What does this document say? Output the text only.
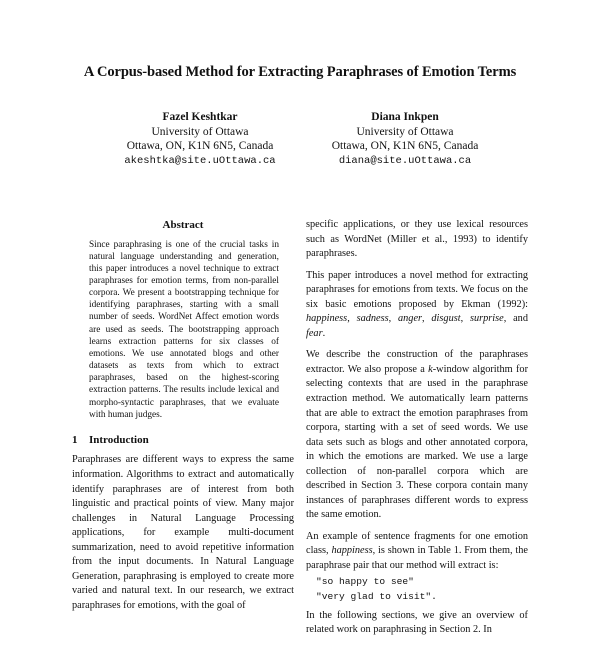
A Corpus-based Method for Extracting Paraphrases of Emotion Terms
Fazel Keshtkar
University of Ottawa
Ottawa, ON, K1N 6N5, Canada
akeshtka@site.uOttawa.ca
Diana Inkpen
University of Ottawa
Ottawa, ON, K1N 6N5, Canada
diana@site.uOttawa.ca
Abstract
Since paraphrasing is one of the crucial tasks in natural language understanding and generation, this paper introduces a novel technique to extract paraphrases for emotion terms, from non-parallel corpora. We present a bootstrapping technique for identifying paraphrases, starting with a small number of seeds. WordNet Affect emotion words are used as seeds. The bootstrapping approach learns extraction patterns for six classes of emotions. We use annotated blogs and other datasets as texts from which to extract paraphrases, based on the highest-scoring extraction patterns. The results include lexical and morpho-syntactic paraphrases, that we evaluate with human judges.
1 Introduction

Paraphrases are different ways to express the same information. Algorithms to extract and automatically identify paraphrases are of interest from both linguistic and practical points of view. Many major challenges in Natural Language Processing applications, for example multi-document summarization, need to avoid repetitive information from the input documents. In Natural Language Generation, paraphrasing is employed to create more varied and natural text. In our research, we extract paraphrases for emotions, with the goal of

specific applications, or they use lexical resources such as WordNet (Miller et al., 1993) to identify paraphrases.

This paper introduces a novel method for extracting paraphrases for emotions from texts. We focus on the six basic emotions proposed by Ekman (1992): happiness, sadness, anger, disgust, surprise, and fear.

We describe the construction of the paraphrases extractor. We also propose a k-window algorithm for selecting contexts that are used in the paraphrase extraction method. We automatically learn patterns that are able to extract the emotion paraphrases from corpora, starting with a set of seed words. We use data sets such as blogs and other annotated corpora, in which the emotions are marked. We use a large collection of non-parallel corpora which are described in Section 3. These corpora contain many instances of paraphrases different words to express the same emotion.

An example of sentence fragments for one emotion class, happiness, is shown in Table 1. From them, the paraphrase pair that our method will extract is:

"so happy to see"
"very glad to visit".

In the following sections, we give an overview of related work on paraphrasing in Section 2. In
